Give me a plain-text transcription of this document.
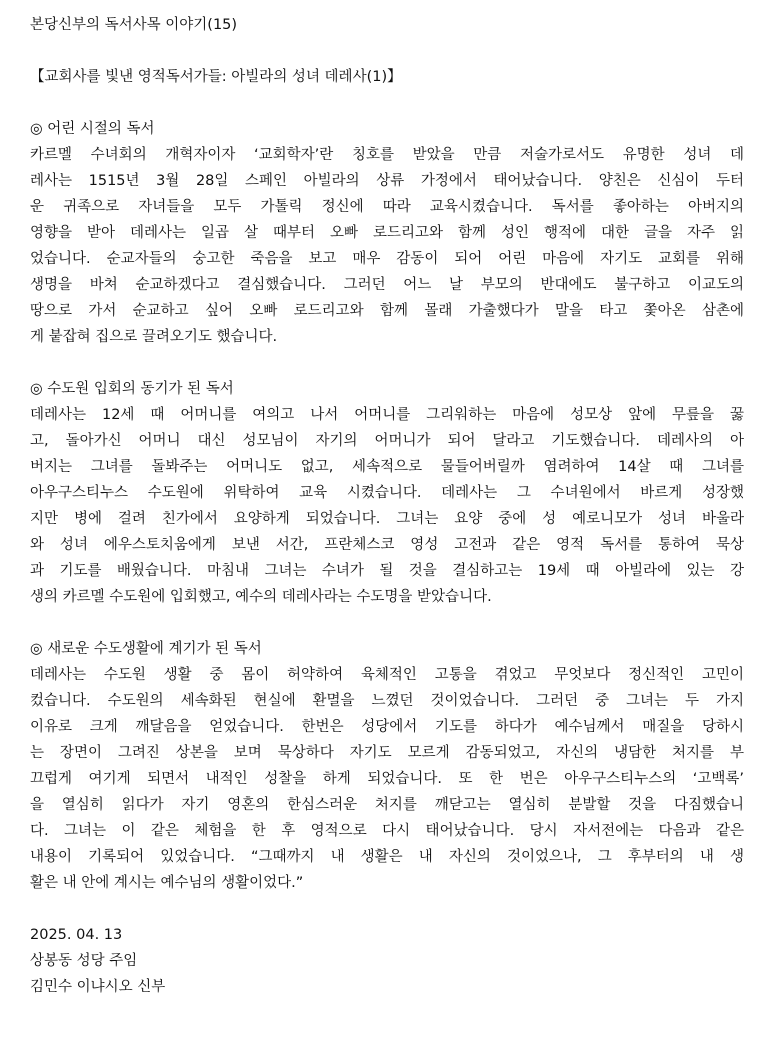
본당신부의 독서사목 이야기(15)
【교회사를 빛낸 영적독서가들: 아빌라의 성녀 데레사(1)】
◎ 어린 시절의 독서
카르멜 수녀회의 개혁자이자 ‘교회학자’란 칭호를 받았을 만큼 저술가로서도 유명한 성녀 데
레사는 1515년 3월 28일 스페인 아빌라의 상류 가정에서 태어났습니다. 양친은 신심이 두터
운 귀족으로 자녀들을 모두 가톨릭 정신에 따라 교육시켰습니다. 독서를 좋아하는 아버지의
영향을 받아 데레사는 일곱 살 때부터 오빠 로드리고와 함께 성인 행적에 대한 글을 자주 읽
었습니다. 순교자들의 숭고한 죽음을 보고 매우 감동이 되어 어린 마음에 자기도 교회를 위해
생명을 바쳐 순교하겠다고 결심했습니다. 그러던 어느 날 부모의 반대에도 불구하고 이교도의
땅으로 가서 순교하고 싶어 오빠 로드리고와 함께 몰래 가출했다가 말을 타고 쫓아온 삼촌에
게 붙잡혀 집으로 끌려오기도 했습니다.
◎ 수도원 입회의 동기가 된 독서
데레사는 12세 때 어머니를 여의고 나서 어머니를 그리워하는 마음에 성모상 앞에 무릎을 꿇
고, 돌아가신 어머니 대신 성모님이 자기의 어머니가 되어 달라고 기도했습니다. 데레사의 아
버지는 그녀를 돌봐주는 어머니도 없고, 세속적으로 물들어버릴까 염려하여 14살 때 그녀를
아우구스티누스 수도원에 위탁하여 교육 시켰습니다. 데레사는 그 수녀원에서 바르게 성장했
지만 병에 걸려 친가에서 요양하게 되었습니다. 그녀는 요양 중에 성 예로니모가 성녀 바울라
와 성녀 에우스토치움에게 보낸 서간, 프란체스코 영성 고전과 같은 영적 독서를 통하여 묵상
과 기도를 배웠습니다. 마침내 그녀는 수녀가 될 것을 결심하고는 19세 때 아빌라에 있는 강
생의 카르멜 수도원에 입회했고, 예수의 데레사라는 수도명을 받았습니다.
◎ 새로운 수도생활에 계기가 된 독서
데레사는 수도원 생활 중 몸이 허약하여 육체적인 고통을 겪었고 무엇보다 정신적인 고민이
컸습니다. 수도원의 세속화된 현실에 환멸을 느꼈던 것이었습니다. 그러던 중 그녀는 두 가지
이유로 크게 깨달음을 얻었습니다. 한번은 성당에서 기도를 하다가 예수님께서 매질을 당하시
는 장면이 그려진 상본을 보며 묵상하다 자기도 모르게 감동되었고, 자신의 냉담한 처지를 부
끄럽게 여기게 되면서 내적인 성찰을 하게 되었습니다. 또 한 번은 아우구스티누스의 ‘고백록’
을 열심히 읽다가 자기 영혼의 한심스러운 처지를 깨닫고는 열심히 분발할 것을 다짐했습니
다. 그녀는 이 같은 체험을 한 후 영적으로 다시 태어났습니다. 당시 자서전에는 다음과 같은
내용이 기록되어 있었습니다. “그때까지 내 생활은 내 자신의 것이었으나, 그 후부터의 내 생
활은 내 안에 계시는 예수님의 생활이었다.”
2025. 04. 13
상봉동 성당 주임
김민수 이냐시오 신부
